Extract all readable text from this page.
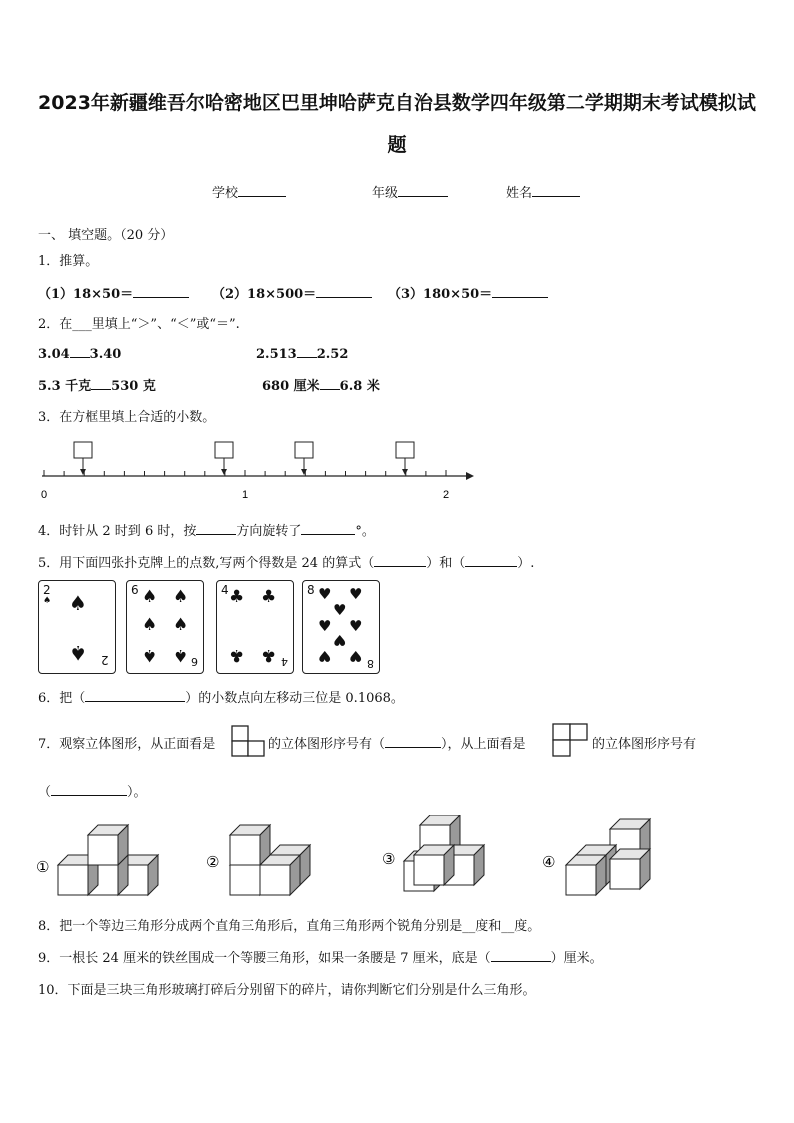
2023年新疆维吾尔哈密地区巴里坤哈萨克自治县数学四年级第二学期期末考试模拟试
题
学校	年级	姓名
一、 填空题。（20 分）
1．推算。
（1）18×50＝	（2）18×500＝	（3）180×50＝
2．在___里填上“＞”、“＜”或“＝”.
3.04 3.40	2.513 2.52
5.3 千克 530 克	680 厘米 6.8 米
3．在方框里填上合适的小数。
0	1	2
4．时针从 2 时到 6 时，按	方向旋转了	°。
5．用下面四张扑克牌上的点数,写两个得数是 24 的算式（	）和（	）.
2
♠ ♠
♠ 2
6 ♠ ♠
♠ ♠
♠ ♠ 6
4 ♣ ♣
♣ ♣ 4
8 ♥ ♥
♥
♥ ♥
♥
♥ ♥ 8
6．把（	）的小数点向左移动三位是 0.1068。
7．观察立体图形，从正面看是	的立体图形序号有（	），从上面看是	的立体图形序号有
（	）。
①	②	③	④
8．把一个等边三角形分成两个直角三角形后，直角三角形两个锐角分别是__度和__度。
9．一根长 24 厘米的铁丝围成一个等腰三角形，如果一条腰是 7 厘米，底是（	）厘米。
10．下面是三块三角形玻璃打碎后分别留下的碎片，请你判断它们分别是什么三角形。
